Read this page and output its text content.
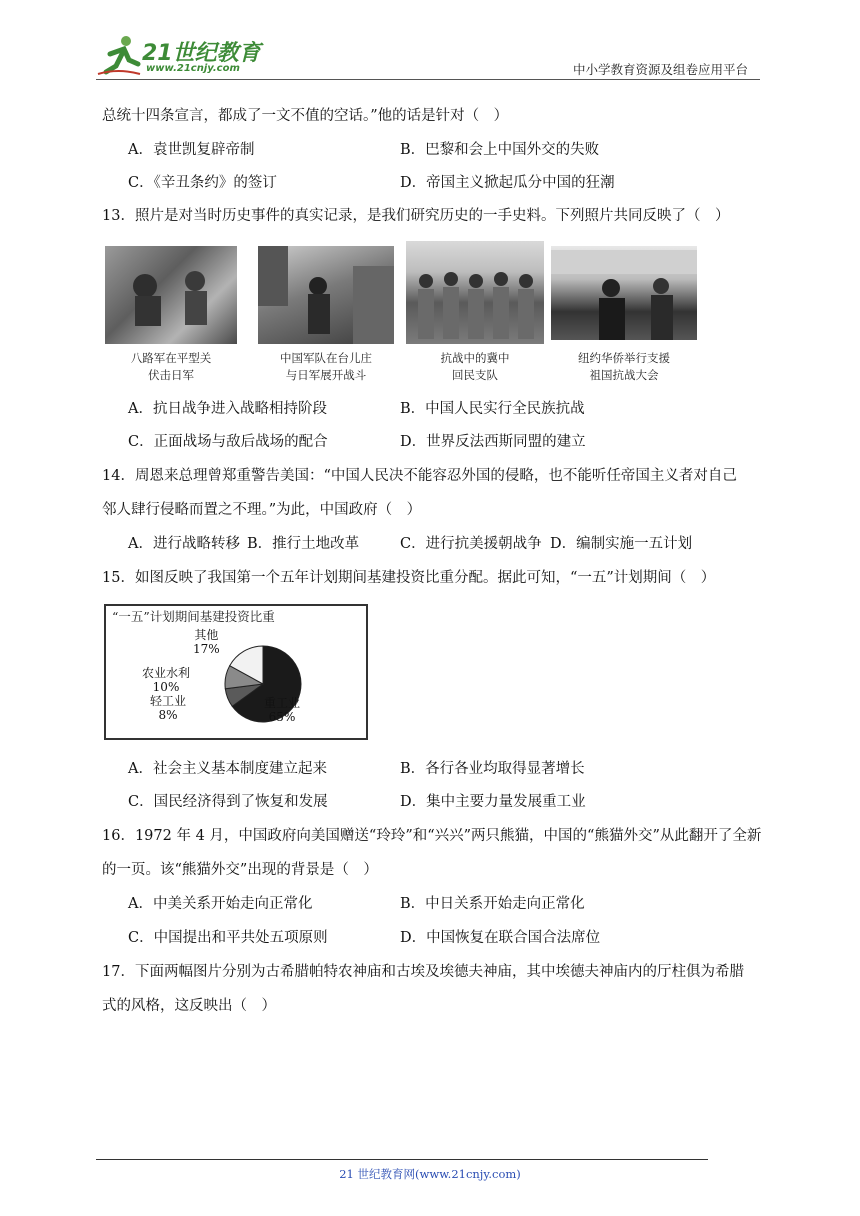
21世纪教育
www.21cnjy.com	中小学教育资源及组卷应用平台
总统十四条宣言，都成了一文不值的空话。”他的话是针对（　）
A．袁世凯复辟帝制	B．巴黎和会上中国外交的失败
C．《辛丑条约》的签订	D．帝国主义掀起瓜分中国的狂潮
13．照片是对当时历史事件的真实记录，是我们研究历史的一手史料。下列照片共同反映了（　）
八路军在平型关
伏击日军
中国军队在台儿庄
与日军展开战斗
抗战中的冀中
回民支队
纽约华侨举行支援
祖国抗战大会
A．抗日战争进入战略相持阶段	B．中国人民实行全民族抗战
C．正面战场与敌后战场的配合	D．世界反法西斯同盟的建立
14．周恩来总理曾郑重警告美国：“中国人民决不能容忍外国的侵略，也不能听任帝国主义者对自己
邻人肆行侵略而置之不理。”为此，中国政府（　）
A．进行战略转移 B．推行土地改革	C．进行抗美援朝战争 D．编制实施一五计划
15．如图反映了我国第一个五年计划期间基建投资比重分配。据此可知，“一五”计划期间（　）
“一五”计划期间基建投资比重
其他
17%
农业水利
10%
轻工业
8%
重工业
65%
A．社会主义基本制度建立起来	B．各行各业均取得显著增长
C．国民经济得到了恢复和发展	D．集中主要力量发展重工业
16．1972 年 4 月，中国政府向美国赠送“玲玲”和“兴兴”两只熊猫，中国的“熊猫外交”从此翻开了全新
的一页。该“熊猫外交”出现的背景是（　）
A．中美关系开始走向正常化	B．中日关系开始走向正常化
C．中国提出和平共处五项原则	D．中国恢复在联合国合法席位
17．下面两幅图片分别为古希腊帕特农神庙和古埃及埃德夫神庙，其中埃德夫神庙内的厅柱俱为希腊
式的风格，这反映出（　）
21 世纪教育网(www.21cnjy.com)
